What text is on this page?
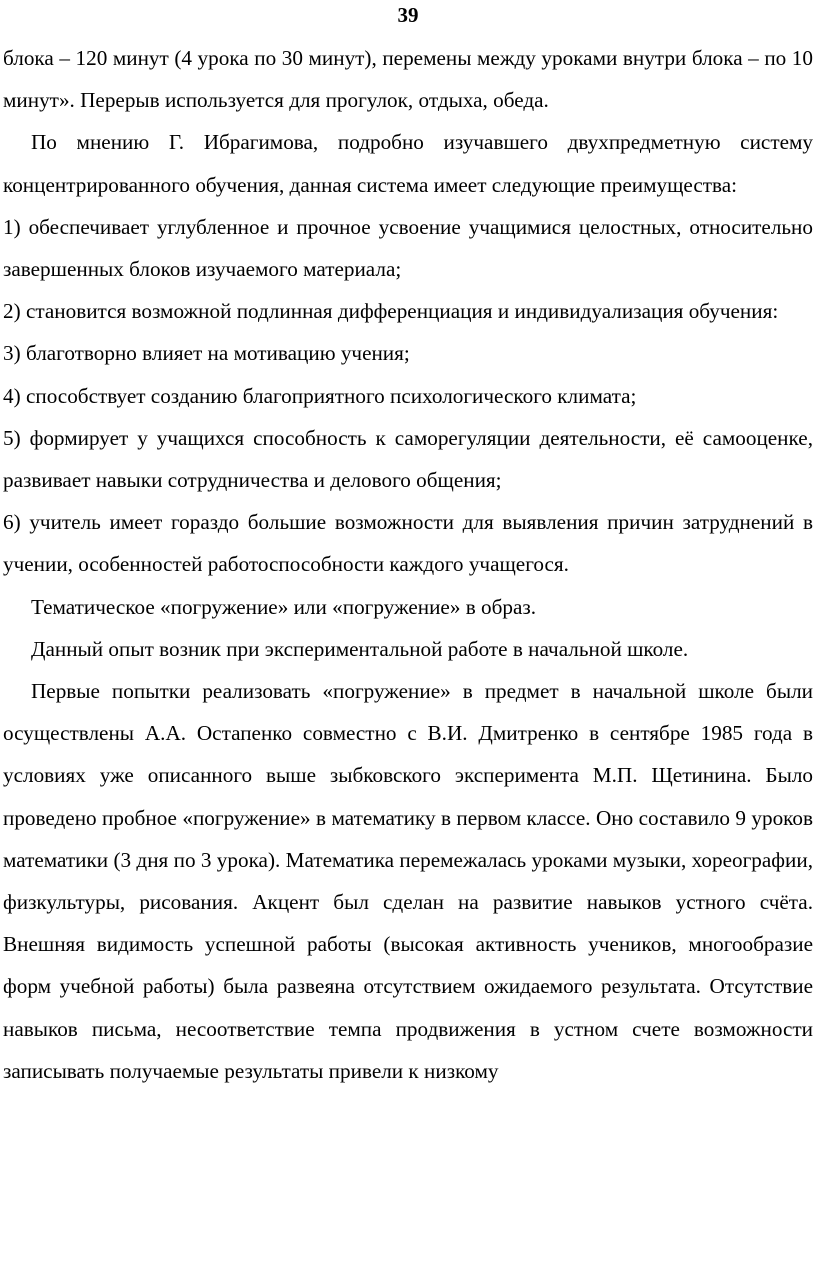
39

блока – 120 минут (4 урока по 30 минут), перемены между уроками внутри блока – по 10 минут». Перерыв используется для прогулок, отдыха, обеда.

По мнению Г. Ибрагимова, подробно изучавшего двухпредметную систему концентрированного обучения, данная система имеет следующие преимущества:

1) обеспечивает углубленное и прочное усвоение учащимися целостных, относительно завершенных блоков изучаемого материала;

2) становится возможной подлинная дифференциация и индивидуализация обучения:

3) благотворно влияет на мотивацию учения;

4) способствует созданию благоприятного психологического климата;

5) формирует у учащихся способность к саморегуляции деятельности, её самооценке, развивает навыки сотрудничества и делового общения;

6) учитель имеет гораздо большие возможности для выявления причин затруднений в учении, особенностей работоспособности каждого учащегося.

Тематическое «погружение» или «погружение» в образ.

Данный опыт возник при экспериментальной работе в начальной школе.

Первые попытки реализовать «погружение» в предмет в начальной школе были осуществлены А.А. Остапенко совместно с В.И. Дмитренко в сентябре 1985 года в условиях уже описанного выше зыбковского эксперимента М.П. Щетинина. Было проведено пробное «погружение» в математику в первом классе. Оно составило 9 уроков математики (3 дня по 3 урока). Математика перемежалась уроками музыки, хореографии, физкультуры, рисования. Акцент был сделан на развитие навыков устного счёта. Внешняя видимость успешной работы (высокая активность учеников, многообразие форм учебной работы) была развеяна отсутствием ожидаемого результата. Отсутствие навыков письма, несоответствие темпа продвижения в устном счете возможности записывать получаемые результаты привели к низкому
